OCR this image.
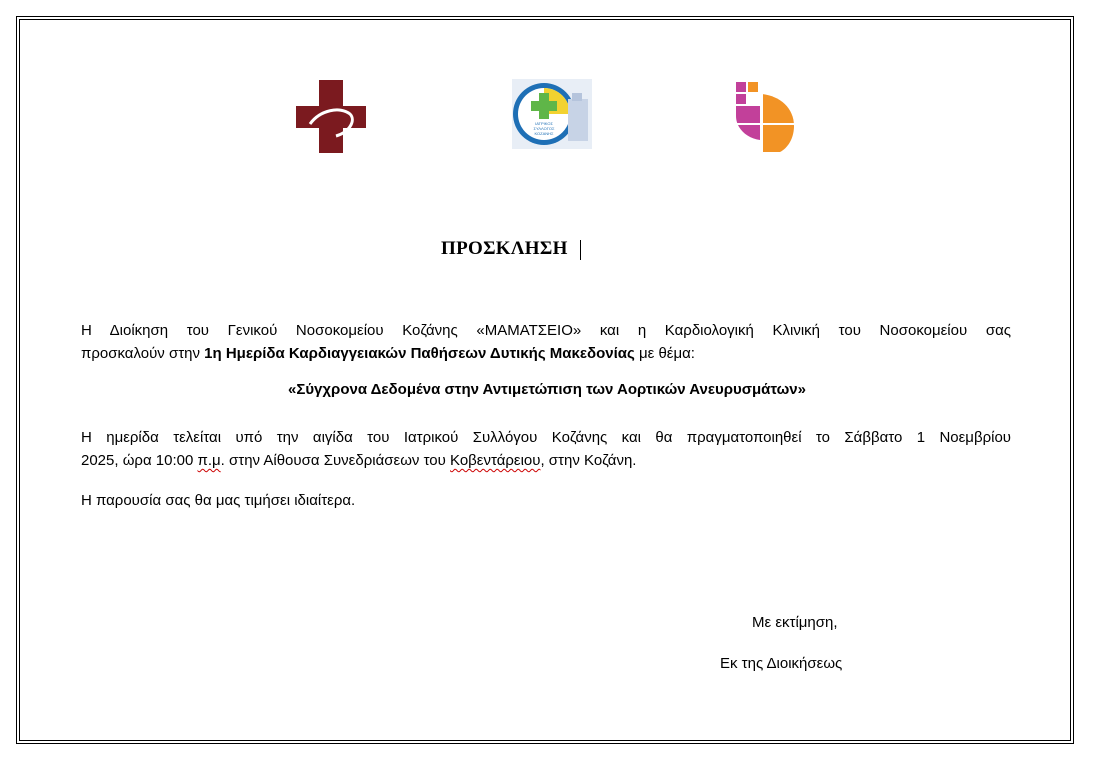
ΙΑΤΡΙΚΟΣ
ΣΥΛΛΟΓΟΣ
ΚΟΖΑΝΗΣ
ΠΡΟΣΚΛΗΣΗ
Η Διοίκηση του Γενικού Νοσοκομείου Κοζάνης «ΜΑΜΑΤΣΕΙΟ» και η Καρδιολογική Κλινική του Νοσοκομείου σας
προσκαλούν στην 1η Ημερίδα Καρδιαγγειακών Παθήσεων Δυτικής Μακεδονίας με θέμα:
«Σύγχρονα Δεδομένα στην Αντιμετώπιση των Αορτικών Ανευρυσμάτων»
Η ημερίδα τελείται υπό την αιγίδα του Ιατρικού Συλλόγου Κοζάνης και θα πραγματοποιηθεί το Σάββατο 1 Νοεμβρίου
2025, ώρα 10:00 π.μ. στην Αίθουσα Συνεδριάσεων του Κοβεντάρειου, στην Κοζάνη.
Η παρουσία σας θα μας τιμήσει ιδιαίτερα.
Με εκτίμηση,
Εκ της Διοικήσεως
